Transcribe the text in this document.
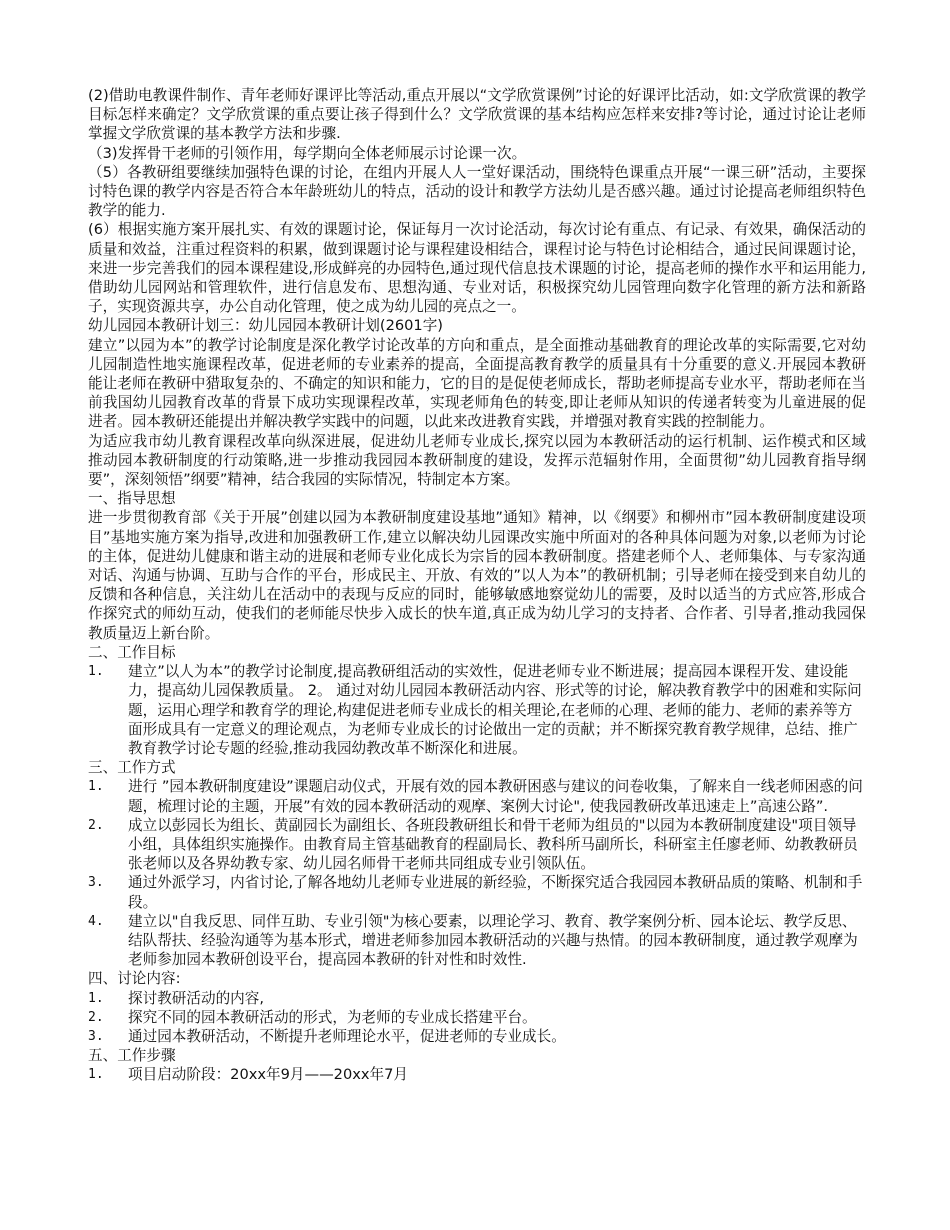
(2)借助电教课件制作、青年老师好课评比等活动,重点开展以“文学欣赏课例”讨论的好课评比活动，如:文学欣赏课的教学目标怎样来确定？文学欣赏课的重点要让孩子得到什么？文学欣赏课的基本结构应怎样来安排?等讨论，通过讨论让老师掌握文学欣赏课的基本教学方法和步骤.

（3)发挥骨干老师的引领作用，每学期向全体老师展示讨论课一次。

（5）各教研组要继续加强特色课的讨论，在组内开展人人一堂好课活动，围绕特色课重点开展“一课三研”活动，主要探讨特色课的教学内容是否符合本年龄班幼儿的特点，活动的设计和教学方法幼儿是否感兴趣。通过讨论提高老师组织特色教学的能力.

(6）根据实施方案开展扎实、有效的课题讨论，保证每月一次讨论活动，每次讨论有重点、有记录、有效果，确保活动的质量和效益，注重过程资料的积累，做到课题讨论与课程建设相结合，课程讨论与特色讨论相结合，通过民间课题讨论，来进一步完善我们的园本课程建设,形成鲜亮的办园特色,通过现代信息技术课题的讨论，提高老师的操作水平和运用能力,借助幼儿园网站和管理软件，进行信息发布、思想沟通、专业对话，积极探究幼儿园管理向数字化管理的新方法和新路子，实现资源共享，办公自动化管理，使之成为幼儿园的亮点之一。

幼儿园园本教研计划三：幼儿园园本教研计划(2601字)

建立”以园为本”的教学讨论制度是深化教学讨论改革的方向和重点，是全面推动基础教育的理论改革的实际需要,它对幼儿园制造性地实施课程改革，促进老师的专业素养的提高，全面提高教育教学的质量具有十分重要的意义.开展园本教研能让老师在教研中猎取复杂的、不确定的知识和能力，它的目的是促使老师成长，帮助老师提高专业水平，帮助老师在当前我国幼儿园教育改革的背景下成功实现课程改革，实现老师角色的转变,即让老师从知识的传递者转变为儿童进展的促进者。园本教研还能提出并解决教学实践中的问题，以此来改进教育实践，并增强对教育实践的控制能力。

为适应我市幼儿教育课程改革向纵深进展，促进幼儿老师专业成长,探究以园为本教研活动的运行机制、运作模式和区域推动园本教研制度的行动策略,进一步推动我园园本教研制度的建设，发挥示范辐射作用，全面贯彻”幼儿园教育指导纲要”，深刻领悟”纲要”精神，结合我园的实际情况，特制定本方案。

一、指导思想

进一步贯彻教育部《关于开展”创建以园为本教研制度建设基地”通知》精神，以《纲要》和柳州市”园本教研制度建设项目”基地实施方案为指导,改进和加强教研工作,建立以解决幼儿园课改实施中所面对的各种具体问题为对象,以老师为讨论的主体，促进幼儿健康和谐主动的进展和老师专业化成长为宗旨的园本教研制度。搭建老师个人、老师集体、与专家沟通对话、沟通与协调、互助与合作的平台，形成民主、开放、有效的”以人为本”的教研机制；引导老师在接受到来自幼儿的反馈和各种信息，关注幼儿在活动中的表现与反应的同时，能够敏感地察觉幼儿的需要，及时以适当的方式应答,形成合作探究式的师幼互动，使我们的老师能尽快步入成长的快车道,真正成为幼儿学习的支持者、合作者、引导者,推动我园保教质量迈上新台阶。

二、工作目标

1.	建立”以人为本”的教学讨论制度,提高教研组活动的实效性，促进老师专业不断进展；提高园本课程开发、建设能力，提高幼儿园保教质量。 2。 通过对幼儿园园本教研活动内容、形式等的讨论，解决教育教学中的困难和实际问题，运用心理学和教育学的理论,构建促进老师专业成长的相关理论,在老师的心理、老师的能力、老师的素养等方面形成具有一定意义的理论观点，为老师专业成长的讨论做出一定的贡献；并不断探究教育教学规律，总结、推广教育教学讨论专题的经验,推动我园幼教改革不断深化和进展。

三、工作方式

1.	进行 ”园本教研制度建设”课题启动仪式，开展有效的园本教研困惑与建议的问卷收集，了解来自一线老师困惑的问题，梳理讨论的主题，开展”有效的园本教研活动的观摩、案例大讨论", 使我园教研改革迅速走上”高速公路”.
2.	成立以彭园长为组长、黄副园长为副组长、各班段教研组长和骨干老师为组员的"以园为本教研制度建设"项目领导小组，具体组织实施操作。由教育局主管基础教育的程副局长、教科所马副所长，科研室主任廖老师、幼教教研员张老师以及各界幼教专家、幼儿园名师骨干老师共同组成专业引领队伍。
3.	通过外派学习，内省讨论,了解各地幼儿老师专业进展的新经验，不断探究适合我园园本教研品质的策略、机制和手段。
4.	建立以"自我反思、同伴互助、专业引领"为核心要素，以理论学习、教育、教学案例分析、园本论坛、教学反思、结队帮扶、经验沟通等为基本形式，增进老师参加园本教研活动的兴趣与热情。的园本教研制度，通过教学观摩为老师参加园本教研创设平台，提高园本教研的针对性和时效性.

四、讨论内容:

1.	探讨教研活动的内容,
2.	探究不同的园本教研活动的形式，为老师的专业成长搭建平台。
3.	通过园本教研活动，不断提升老师理论水平，促进老师的专业成长。

五、工作步骤

1.	项目启动阶段：20xx年9月——20xx年7月
